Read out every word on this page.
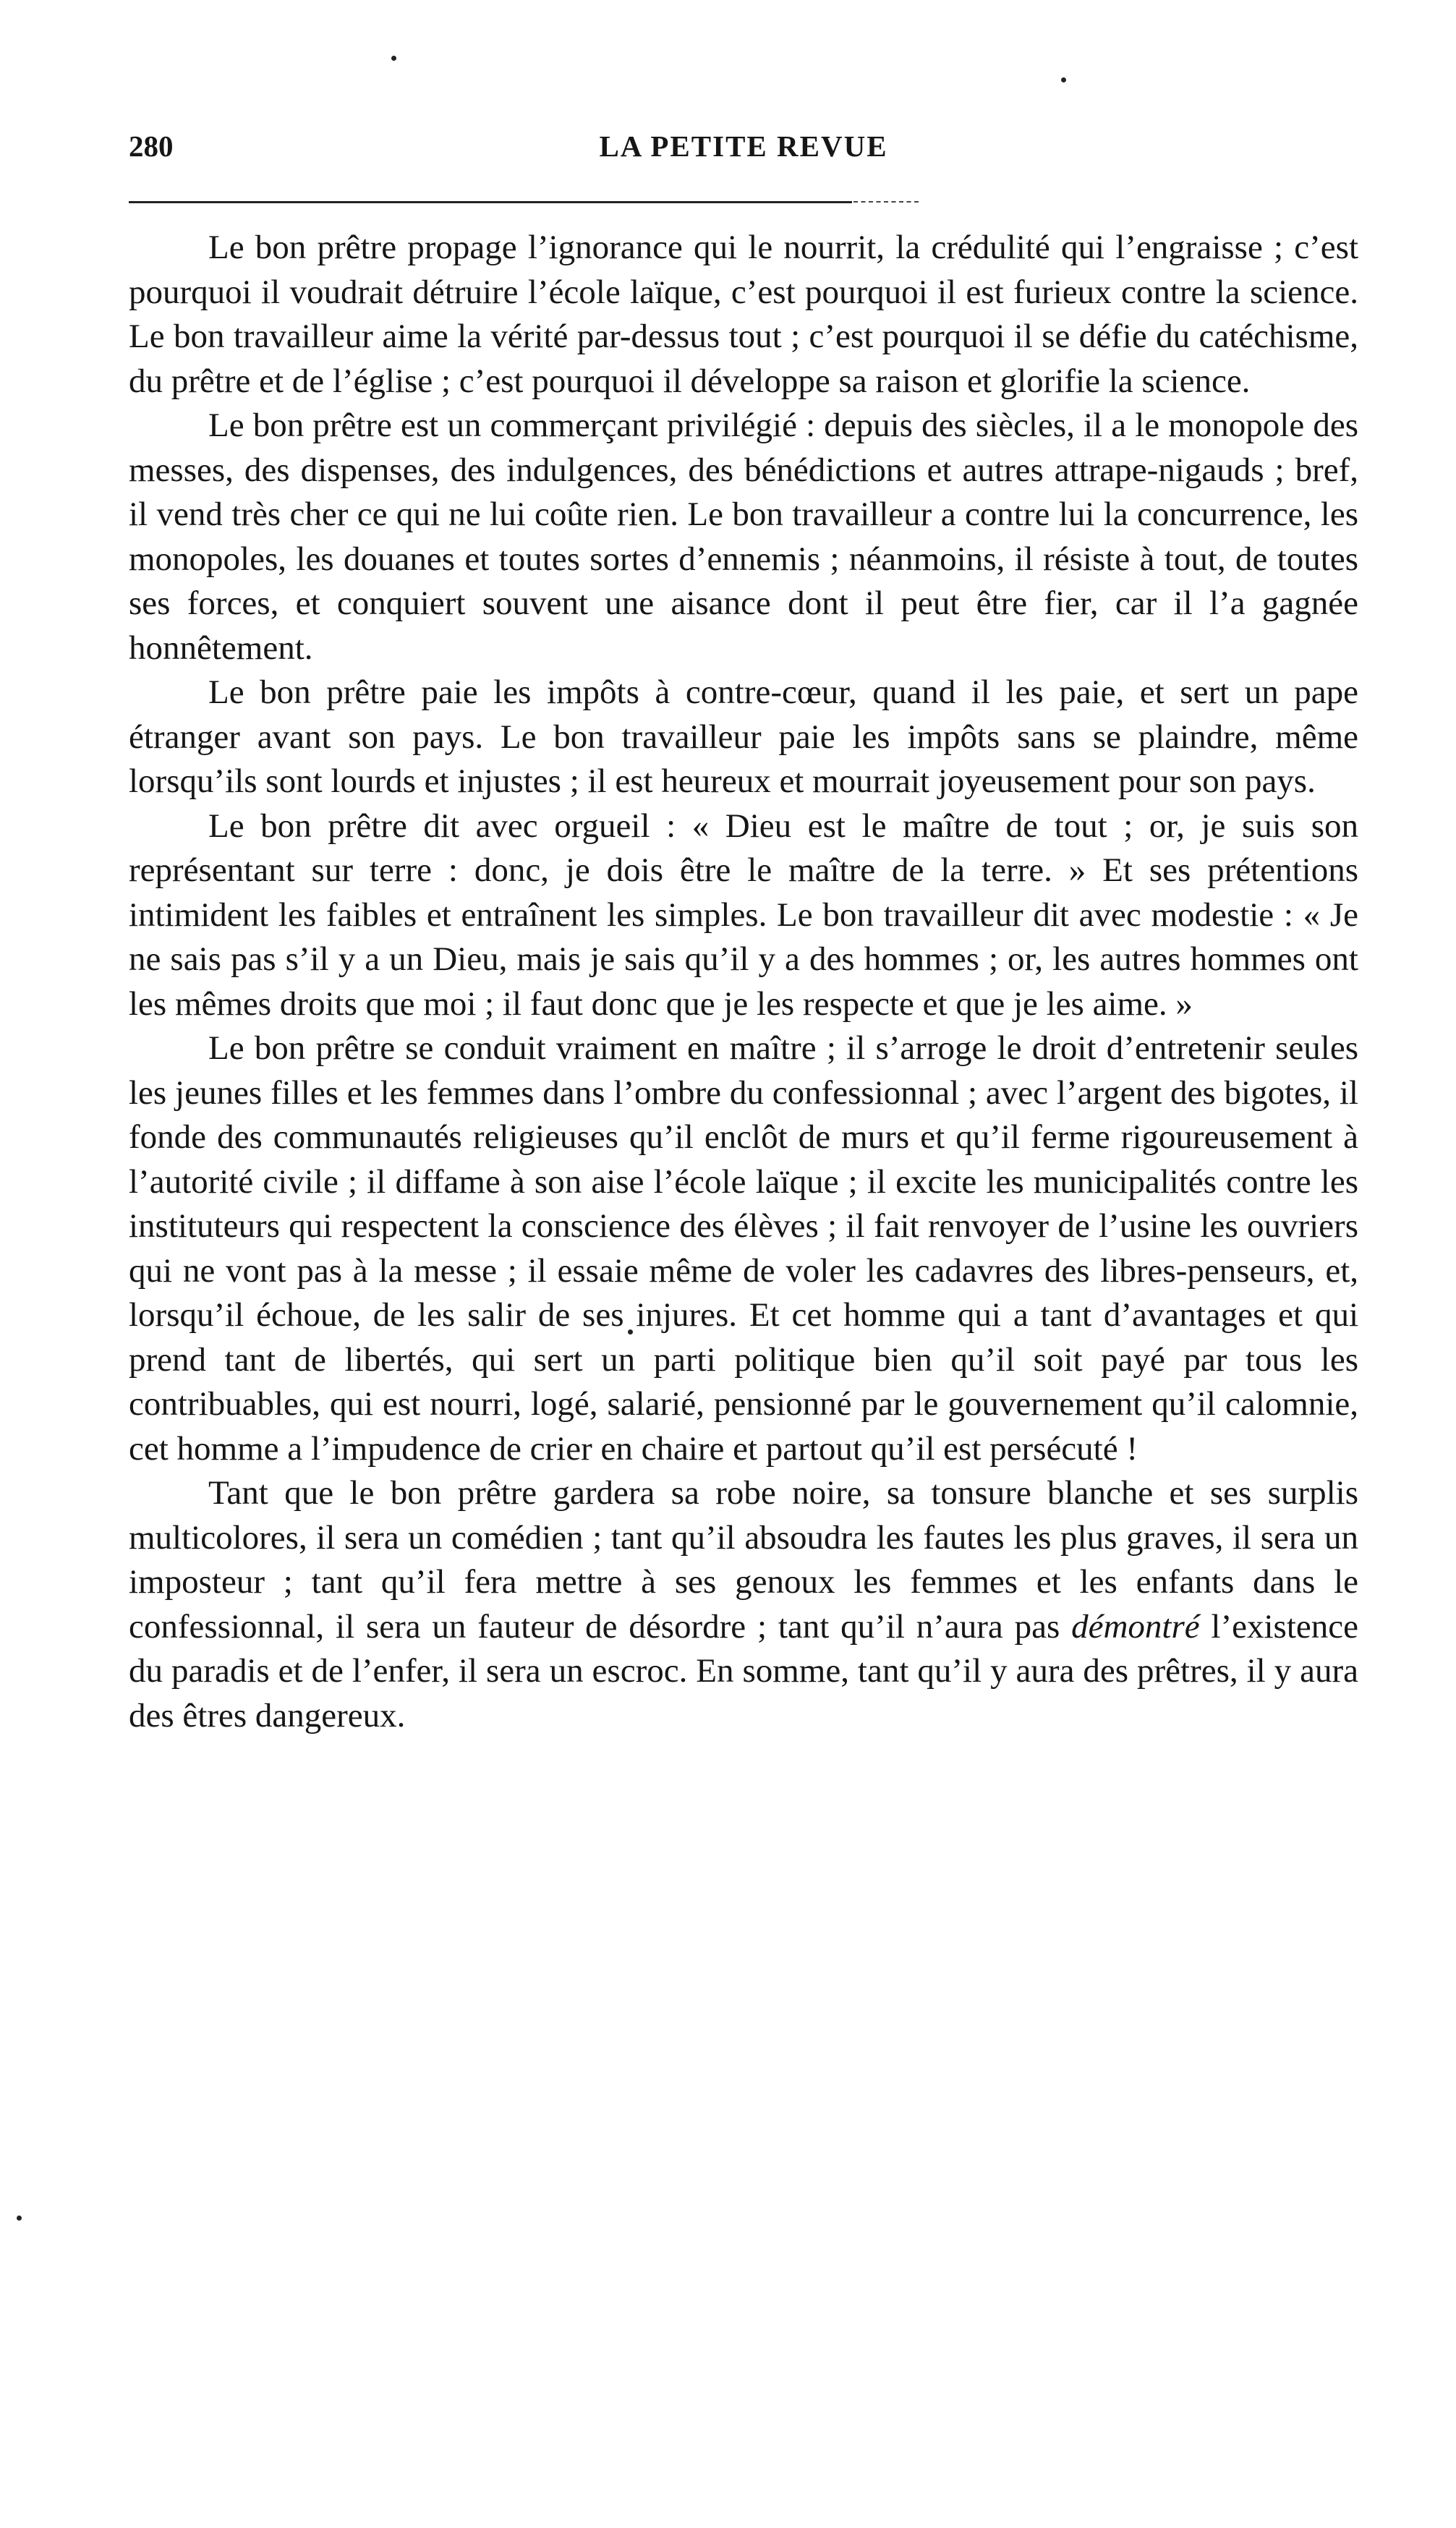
280	LA PETITE REVUE

Le bon prêtre propage l’ignorance qui le nourrit, la crédulité qui l’engraisse ; c’est pourquoi il voudrait détruire l’école laïque, c’est pourquoi il est furieux contre la science. Le bon travailleur aime la vérité par-dessus tout ; c’est pourquoi il se défie du catéchisme, du prêtre et de l’église ; c’est pourquoi il développe sa raison et glorifie la science.

Le bon prêtre est un commerçant privilégié : depuis des siècles, il a le monopole des messes, des dispenses, des indulgences, des bénédictions et autres attrape-nigauds ; bref, il vend très cher ce qui ne lui coûte rien. Le bon travailleur a contre lui la concurrence, les monopoles, les douanes et toutes sortes d’ennemis ; néanmoins, il résiste à tout, de toutes ses forces, et conquiert souvent une aisance dont il peut être fier, car il l’a gagnée honnêtement.

Le bon prêtre paie les impôts à contre-cœur, quand il les paie, et sert un pape étranger avant son pays. Le bon travailleur paie les impôts sans se plaindre, même lorsqu’ils sont lourds et injustes ; il est heureux et mourrait joyeusement pour son pays.

Le bon prêtre dit avec orgueil : « Dieu est le maître de tout ; or, je suis son représentant sur terre : donc, je dois être le maître de la terre. » Et ses prétentions intimident les faibles et entraînent les simples. Le bon travailleur dit avec modestie : « Je ne sais pas s’il y a un Dieu, mais je sais qu’il y a des hommes ; or, les autres hommes ont les mêmes droits que moi ; il faut donc que je les respecte et que je les aime. »

Le bon prêtre se conduit vraiment en maître ; il s’arroge le droit d’entretenir seules les jeunes filles et les femmes dans l’ombre du confessionnal ; avec l’argent des bigotes, il fonde des communautés religieuses qu’il enclôt de murs et qu’il ferme rigoureusement à l’autorité civile ; il diffame à son aise l’école laïque ; il excite les municipalités contre les instituteurs qui respectent la conscience des élèves ; il fait renvoyer de l’usine les ouvriers qui ne vont pas à la messe ; il essaie même de voler les cadavres des libres-penseurs, et, lorsqu’il échoue, de les salir de ses injures. Et cet homme qui a tant d’avantages et qui prend tant de libertés, qui sert un parti politique bien qu’il soit payé par tous les contribuables, qui est nourri, logé, salarié, pensionné par le gouvernement qu’il calomnie, cet homme a l’impudence de crier en chaire et partout qu’il est persécuté !

Tant que le bon prêtre gardera sa robe noire, sa tonsure blanche et ses surplis multicolores, il sera un comédien ; tant qu’il absoudra les fautes les plus graves, il sera un imposteur ; tant qu’il fera mettre à ses genoux les femmes et les enfants dans le confessionnal, il sera un fauteur de désordre ; tant qu’il n’aura pas démontré l’existence du paradis et de l’enfer, il sera un escroc. En somme, tant qu’il y aura des prêtres, il y aura des êtres dangereux.
